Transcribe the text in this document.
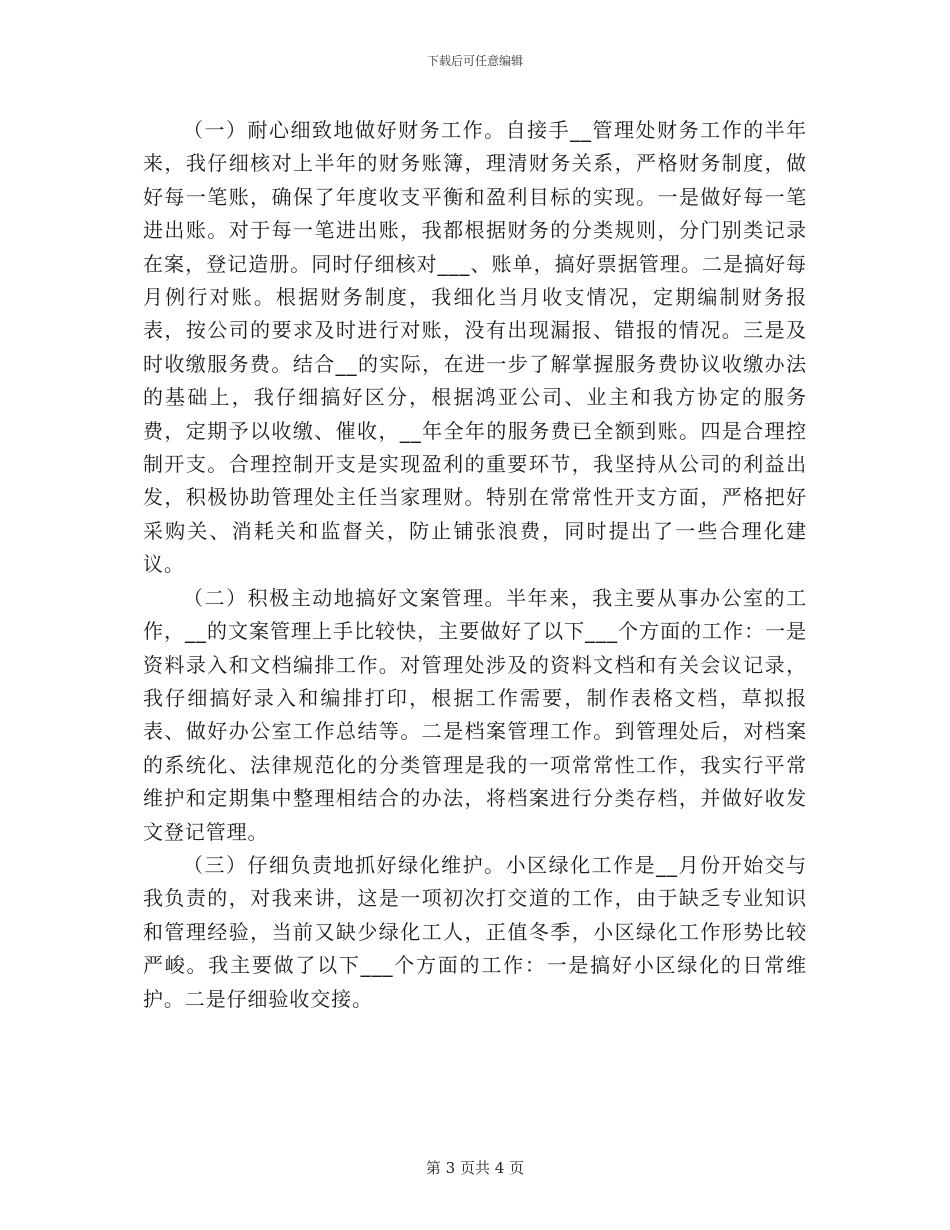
下载后可任意编辑

（一）耐心细致地做好财务工作。自接手__管理处财务工作的半年来，我仔细核对上半年的财务账簿，理清财务关系，严格财务制度，做好每一笔账，确保了年度收支平衡和盈利目标的实现。一是做好每一笔进出账。对于每一笔进出账，我都根据财务的分类规则，分门别类记录在案，登记造册。同时仔细核对___、账单，搞好票据管理。二是搞好每月例行对账。根据财务制度，我细化当月收支情况，定期编制财务报表，按公司的要求及时进行对账，没有出现漏报、错报的情况。三是及时收缴服务费。结合__的实际，在进一步了解掌握服务费协议收缴办法的基础上，我仔细搞好区分，根据鸿亚公司、业主和我方协定的服务费，定期予以收缴、催收，__年全年的服务费已全额到账。四是合理控制开支。合理控制开支是实现盈利的重要环节，我坚持从公司的利益出发，积极协助管理处主任当家理财。特别在常常性开支方面，严格把好采购关、消耗关和监督关，防止铺张浪费，同时提出了一些合理化建议。

（二）积极主动地搞好文案管理。半年来，我主要从事办公室的工作，__的文案管理上手比较快，主要做好了以下___个方面的工作：一是资料录入和文档编排工作。对管理处涉及的资料文档和有关会议记录，我仔细搞好录入和编排打印，根据工作需要，制作表格文档，草拟报表、做好办公室工作总结等。二是档案管理工作。到管理处后，对档案的系统化、法律规范化的分类管理是我的一项常常性工作，我实行平常维护和定期集中整理相结合的办法，将档案进行分类存档，并做好收发文登记管理。

（三）仔细负责地抓好绿化维护。小区绿化工作是__月份开始交与我负责的，对我来讲，这是一项初次打交道的工作，由于缺乏专业知识和管理经验，当前又缺少绿化工人，正值冬季，小区绿化工作形势比较严峻。我主要做了以下___个方面的工作：一是搞好小区绿化的日常维护。二是仔细验收交接。

第 3 页共 4 页
